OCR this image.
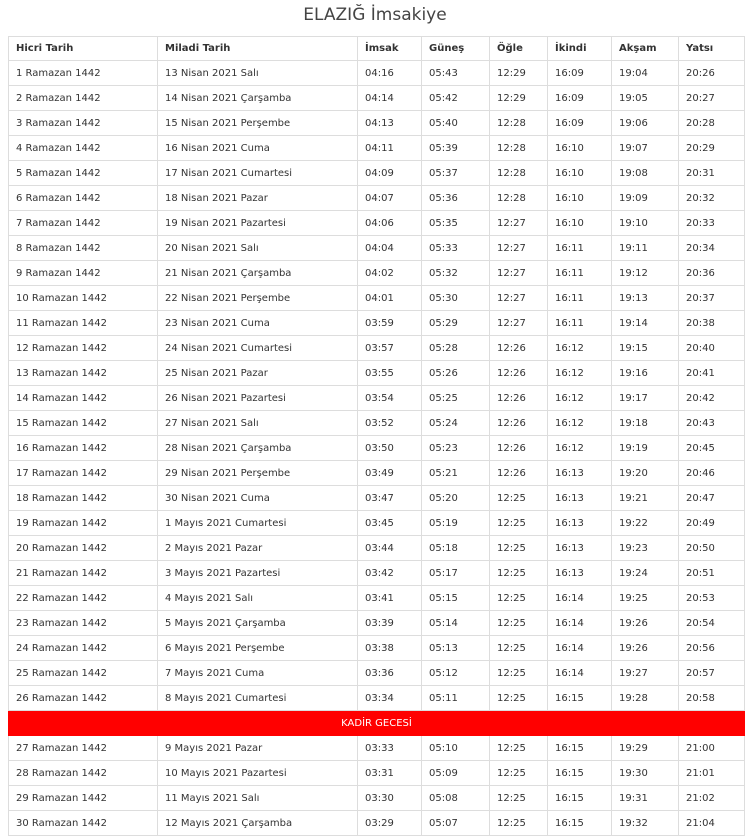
ELAZIĞ İmsakiye
Hicri Tarih	Miladi Tarih	İmsak	Güneş	Öğle	İkindi	Akşam	Yatsı
1 Ramazan 1442	13 Nisan 2021 Salı	04:16	05:43	12:29	16:09	19:04	20:26
2 Ramazan 1442	14 Nisan 2021 Çarşamba	04:14	05:42	12:29	16:09	19:05	20:27
3 Ramazan 1442	15 Nisan 2021 Perşembe	04:13	05:40	12:28	16:09	19:06	20:28
4 Ramazan 1442	16 Nisan 2021 Cuma	04:11	05:39	12:28	16:10	19:07	20:29
5 Ramazan 1442	17 Nisan 2021 Cumartesi	04:09	05:37	12:28	16:10	19:08	20:31
6 Ramazan 1442	18 Nisan 2021 Pazar	04:07	05:36	12:28	16:10	19:09	20:32
7 Ramazan 1442	19 Nisan 2021 Pazartesi	04:06	05:35	12:27	16:10	19:10	20:33
8 Ramazan 1442	20 Nisan 2021 Salı	04:04	05:33	12:27	16:11	19:11	20:34
9 Ramazan 1442	21 Nisan 2021 Çarşamba	04:02	05:32	12:27	16:11	19:12	20:36
10 Ramazan 1442	22 Nisan 2021 Perşembe	04:01	05:30	12:27	16:11	19:13	20:37
11 Ramazan 1442	23 Nisan 2021 Cuma	03:59	05:29	12:27	16:11	19:14	20:38
12 Ramazan 1442	24 Nisan 2021 Cumartesi	03:57	05:28	12:26	16:12	19:15	20:40
13 Ramazan 1442	25 Nisan 2021 Pazar	03:55	05:26	12:26	16:12	19:16	20:41
14 Ramazan 1442	26 Nisan 2021 Pazartesi	03:54	05:25	12:26	16:12	19:17	20:42
15 Ramazan 1442	27 Nisan 2021 Salı	03:52	05:24	12:26	16:12	19:18	20:43
16 Ramazan 1442	28 Nisan 2021 Çarşamba	03:50	05:23	12:26	16:12	19:19	20:45
17 Ramazan 1442	29 Nisan 2021 Perşembe	03:49	05:21	12:26	16:13	19:20	20:46
18 Ramazan 1442	30 Nisan 2021 Cuma	03:47	05:20	12:25	16:13	19:21	20:47
19 Ramazan 1442	1 Mayıs 2021 Cumartesi	03:45	05:19	12:25	16:13	19:22	20:49
20 Ramazan 1442	2 Mayıs 2021 Pazar	03:44	05:18	12:25	16:13	19:23	20:50
21 Ramazan 1442	3 Mayıs 2021 Pazartesi	03:42	05:17	12:25	16:13	19:24	20:51
22 Ramazan 1442	4 Mayıs 2021 Salı	03:41	05:15	12:25	16:14	19:25	20:53
23 Ramazan 1442	5 Mayıs 2021 Çarşamba	03:39	05:14	12:25	16:14	19:26	20:54
24 Ramazan 1442	6 Mayıs 2021 Perşembe	03:38	05:13	12:25	16:14	19:26	20:56
25 Ramazan 1442	7 Mayıs 2021 Cuma	03:36	05:12	12:25	16:14	19:27	20:57
26 Ramazan 1442	8 Mayıs 2021 Cumartesi	03:34	05:11	12:25	16:15	19:28	20:58
KADİR GECESİ							
27 Ramazan 1442	9 Mayıs 2021 Pazar	03:33	05:10	12:25	16:15	19:29	21:00
28 Ramazan 1442	10 Mayıs 2021 Pazartesi	03:31	05:09	12:25	16:15	19:30	21:01
29 Ramazan 1442	11 Mayıs 2021 Salı	03:30	05:08	12:25	16:15	19:31	21:02
30 Ramazan 1442	12 Mayıs 2021 Çarşamba	03:29	05:07	12:25	16:15	19:32	21:04
